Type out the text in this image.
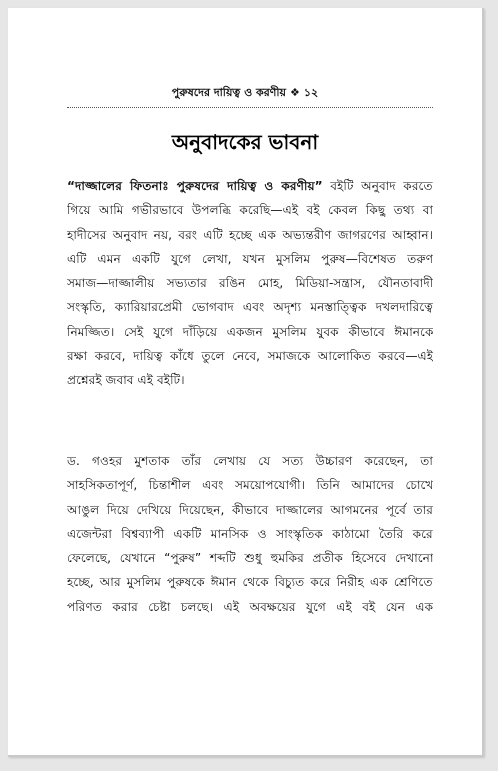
পুরুষদের দায়িত্ব ও করণীয় ❖ ১২
অনুবাদকের ভাবনা
“দাজ্জালের ফিতনাঃ পুরুষদের দায়িত্ব ও করণীয়” বইটি অনুবাদ করতে
গিয়ে আমি গভীরভাবে উপলব্ধি করেছি—এই বই কেবল কিছু তথ্য বা
হাদীসের অনুবাদ নয়, বরং এটি হচ্ছে এক অভ্যন্তরীণ জাগরণের আহ্বান।
এটি এমন একটি যুগে লেখা, যখন মুসলিম পুরুষ—বিশেষত তরুণ
সমাজ—দাজ্জালীয় সভ্যতার রঙিন মোহ, মিডিয়া-সন্ত্রাস, যৌনতাবাদী
সংস্কৃতি, ক্যারিয়ারপ্রেমী ভোগবাদ এবং অদৃশ্য মনস্তাত্ত্বিক দখলদারিত্বে
নিমজ্জিত। সেই যুগে দাঁড়িয়ে একজন মুসলিম যুবক কীভাবে ঈমানকে
রক্ষা করবে, দায়িত্ব কাঁধে তুলে নেবে, সমাজকে আলোকিত করবে—এই
প্রশ্নেরই জবাব এই বইটি।
ড. গওহর মুশতাক তাঁর লেখায় যে সত্য উচ্চারণ করেছেন, তা
সাহসিকতাপূর্ণ, চিন্তাশীল এবং সময়োপযোগী। তিনি আমাদের চোখে
আঙুল দিয়ে দেখিয়ে দিয়েছেন, কীভাবে দাজ্জালের আগমনের পূর্বে তার
এজেন্টরা বিশ্বব্যাপী একটি মানসিক ও সাংস্কৃতিক কাঠামো তৈরি করে
ফেলেছে, যেখানে “পুরুষ” শব্দটি শুধু হুমকির প্রতীক হিসেবে দেখানো
হচ্ছে, আর মুসলিম পুরুষকে ঈমান থেকে বিচ্যুত করে নিরীহ এক শ্রেণিতে
পরিণত করার চেষ্টা চলছে। এই অবক্ষয়ের যুগে এই বই যেন এক
